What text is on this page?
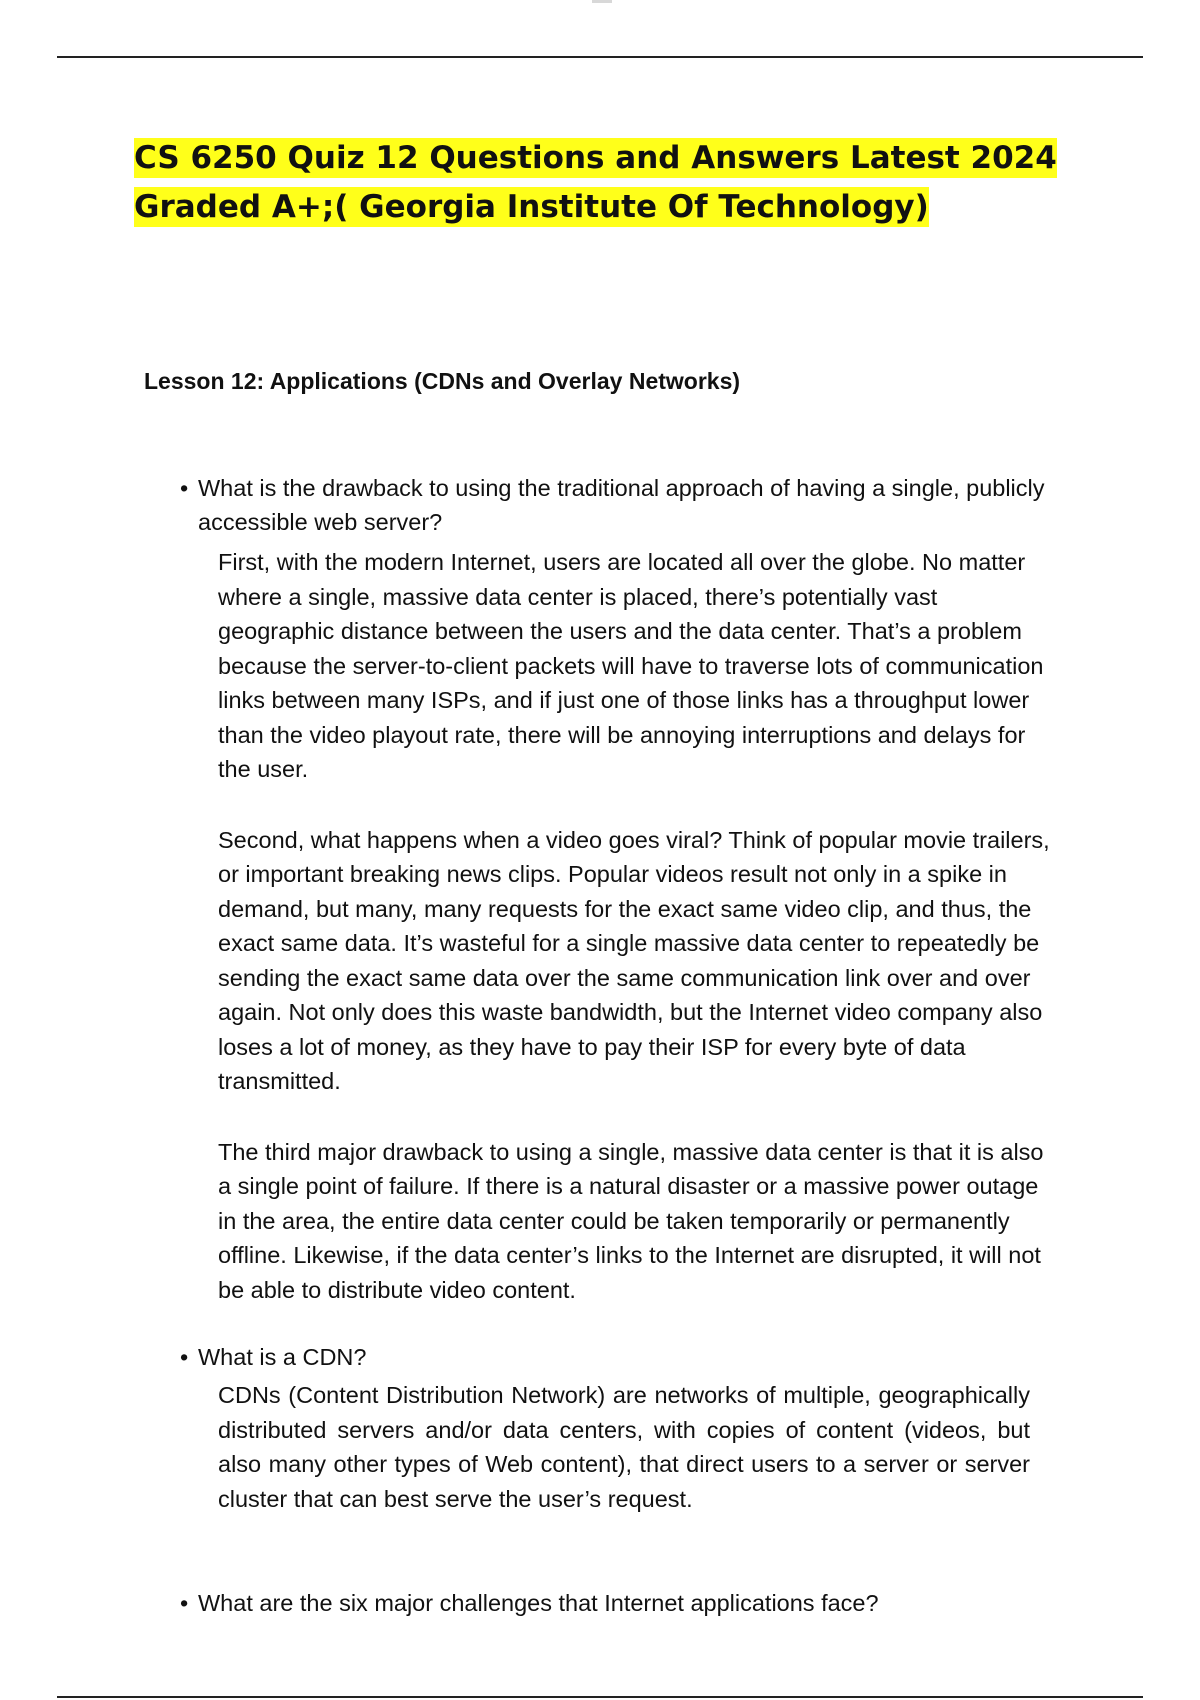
CS 6250 Quiz 12 Questions and Answers Latest 2024 Graded A+;( Georgia Institute Of Technology)
Lesson 12: Applications (CDNs and Overlay Networks)
• What is the drawback to using the traditional approach of having a single, publicly accessible web server?

First, with the modern Internet, users are located all over the globe. No matter where a single, massive data center is placed, there’s potentially vast geographic distance between the users and the data center. That’s a problem because the server-to-client packets will have to traverse lots of communication links between many ISPs, and if just one of those links has a throughput lower than the video playout rate, there will be annoying interruptions and delays for the user.

Second, what happens when a video goes viral? Think of popular movie trailers, or important breaking news clips. Popular videos result not only in a spike in demand, but many, many requests for the exact same video clip, and thus, the exact same data. It’s wasteful for a single massive data center to repeatedly be sending the exact same data over the same communication link over and over again. Not only does this waste bandwidth, but the Internet video company also loses a lot of money, as they have to pay their ISP for every byte of data transmitted.

The third major drawback to using a single, massive data center is that it is also a single point of failure. If there is a natural disaster or a massive power outage in the area, the entire data center could be taken temporarily or permanently offline. Likewise, if the data center’s links to the Internet are disrupted, it will not be able to distribute video content.

• What is a CDN?

CDNs (Content Distribution Network) are networks of multiple, geographically distributed servers and/or data centers, with copies of content (videos, but also many other types of Web content), that direct users to a server or server cluster that can best serve the user’s request.

• What are the six major challenges that Internet applications face?
